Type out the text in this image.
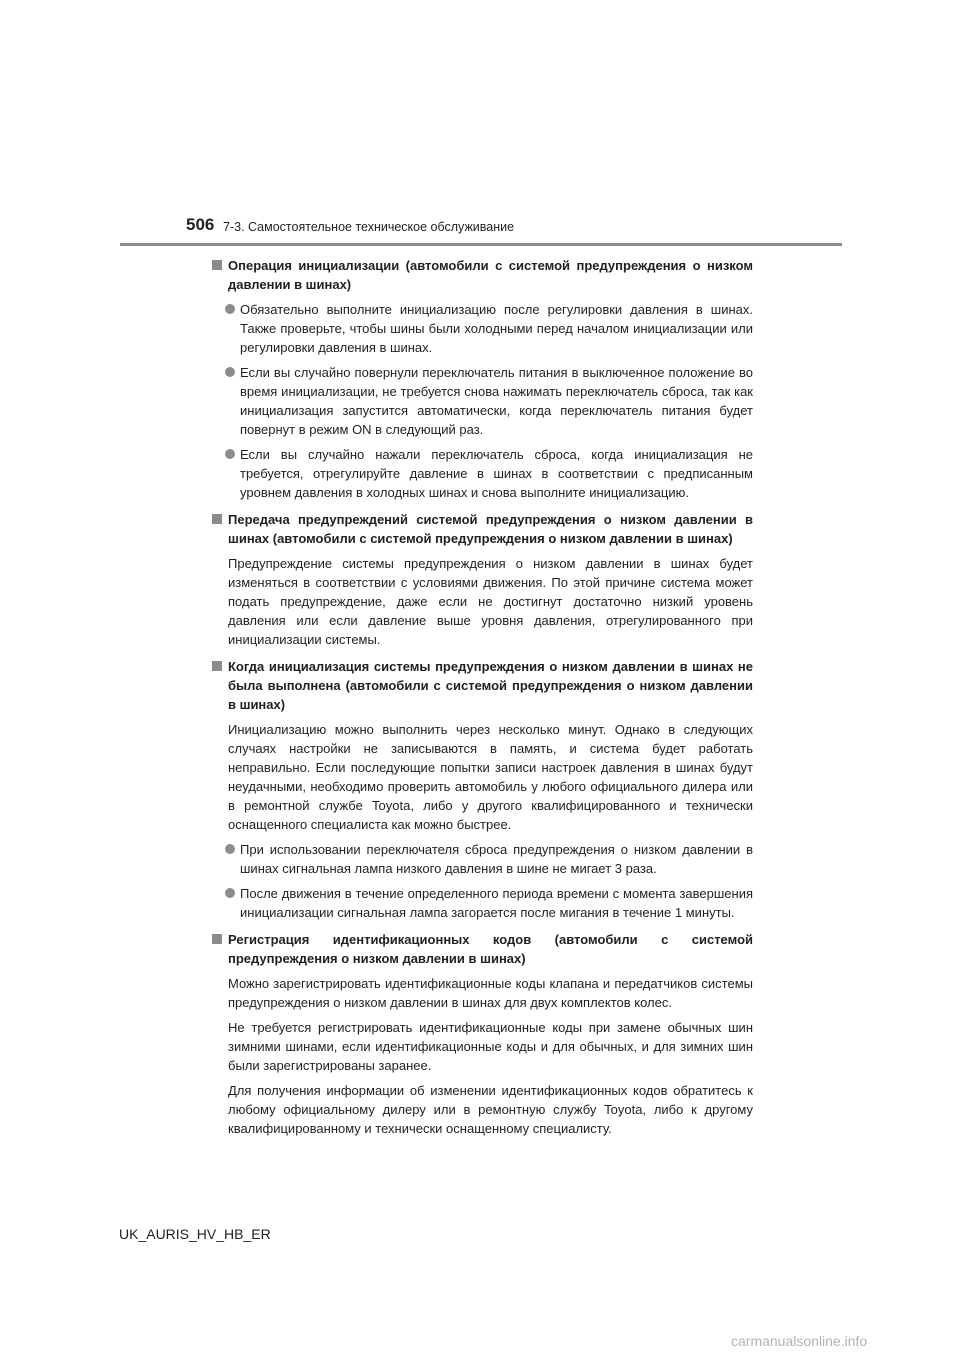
506 7-3. Самостоятельное техническое обслуживание
Операция инициализации (автомобили с системой предупреждения о низком давлении в шинах)
Обязательно выполните инициализацию после регулировки давления в шинах. Также проверьте, чтобы шины были холодными перед началом инициализации или регулировки давления в шинах.
Если вы случайно повернули переключатель питания в выключенное положение во время инициализации, не требуется снова нажимать переключатель сброса, так как инициализация запустится автоматически, когда переключатель питания будет повернут в режим ON в следующий раз.
Если вы случайно нажали переключатель сброса, когда инициализация не требуется, отрегулируйте давление в шинах в соответствии с предписанным уровнем давления в холодных шинах и снова выполните инициализацию.
Передача предупреждений системой предупреждения о низком давлении в шинах (автомобили с системой предупреждения о низком давлении в шинах)
Предупреждение системы предупреждения о низком давлении в шинах будет изменяться в соответствии с условиями движения. По этой причине система может подать предупреждение, даже если не достигнут достаточно низкий уровень давления или если давление выше уровня давления, отрегулированного при инициализации системы.
Когда инициализация системы предупреждения о низком давлении в шинах не была выполнена (автомобили с системой предупреждения о низком давлении в шинах)
Инициализацию можно выполнить через несколько минут. Однако в следующих случаях настройки не записываются в память, и система будет работать неправильно. Если последующие попытки записи настроек давления в шинах будут неудачными, необходимо проверить автомобиль у любого официального дилера или в ремонтной службе Toyota, либо у другого квалифицированного и технически оснащенного специалиста как можно быстрее.
При использовании переключателя сброса предупреждения о низком давлении в шинах сигнальная лампа низкого давления в шине не мигает 3 раза.
После движения в течение определенного периода времени с момента завершения инициализации сигнальная лампа загорается после мигания в течение 1 минуты.
Регистрация идентификационных кодов (автомобили с системой предупреждения о низком давлении в шинах)
Можно зарегистрировать идентификационные коды клапана и передатчиков системы предупреждения о низком давлении в шинах для двух комплектов колес.
Не требуется регистрировать идентификационные коды при замене обычных шин зимними шинами, если идентификационные коды и для обычных, и для зимних шин были зарегистрированы заранее.
Для получения информации об изменении идентификационных кодов обратитесь к любому официальному дилеру или в ремонтную службу Toyota, либо к другому квалифицированному и технически оснащенному специалисту.
UK_AURIS_HV_HB_ER
carmanualsonline.info
